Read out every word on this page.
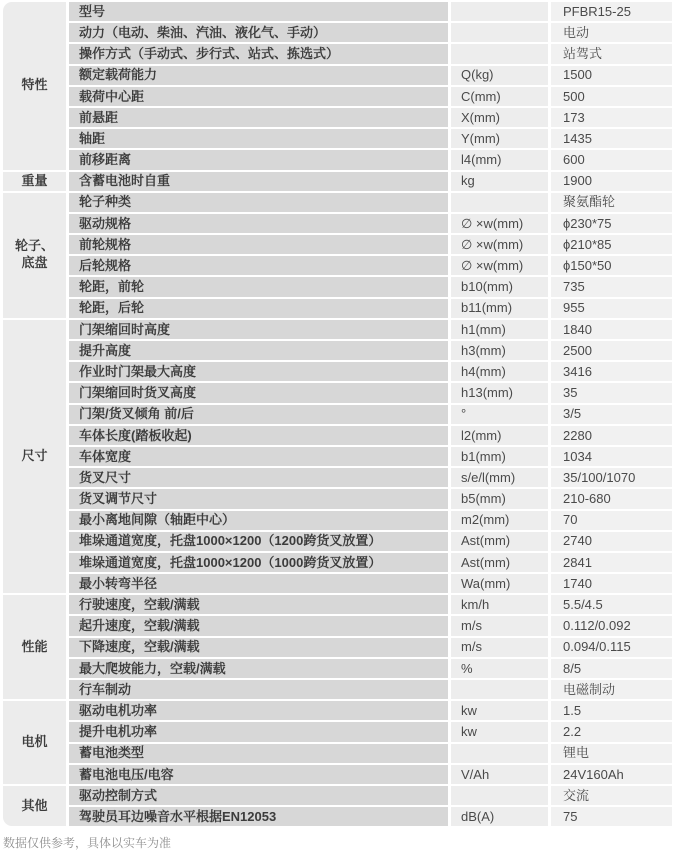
特性	型号		PFBR15-25
	动力（电动、柴油、汽油、液化气、手动）		电动
	操作方式（手动式、步行式、站式、拣选式）		站驾式
	额定载荷能力	Q(kg)	1500
	载荷中心距	C(mm)	500
	前悬距	X(mm)	173
	轴距	Y(mm)	1435
	前移距离	l4(mm)	600
重量	含蓄电池时自重	kg	1900
轮子、底盘	轮子种类		聚氨酯轮
	驱动规格	∅ ×w(mm)	ϕ230*75
	前轮规格	∅ ×w(mm)	ϕ210*85
	后轮规格	∅ ×w(mm)	ϕ150*50
	轮距，前轮	b10(mm)	735
	轮距，后轮	b11(mm)	955
尺寸	门架缩回时高度	h1(mm)	1840
	提升高度	h3(mm)	2500
	作业时门架最大高度	h4(mm)	3416
	门架缩回时货叉高度	h13(mm)	35
	门架/货叉倾角 前/后	°	3/5
	车体长度(踏板收起)	l2(mm)	2280
	车体宽度	b1(mm)	1034
	货叉尺寸	s/e/l(mm)	35/100/1070
	货叉调节尺寸	b5(mm)	210-680
	最小离地间隙（轴距中心）	m2(mm)	70
	堆垛通道宽度，托盘1000×1200（1200跨货叉放置）	Ast(mm)	2740
	堆垛通道宽度，托盘1000×1200（1000跨货叉放置）	Ast(mm)	2841
	最小转弯半径	Wa(mm)	1740
性能	行驶速度，空载/满载	km/h	5.5/4.5
	起升速度，空载/满载	m/s	0.112/0.092
	下降速度，空载/满载	m/s	0.094/0.115
	最大爬坡能力，空载/满载	%	8/5
	行车制动		电磁制动
电机	驱动电机功率	kw	1.5
	提升电机功率	kw	2.2
	蓄电池类型		锂电
	蓄电池电压/电容	V/Ah	24V160Ah
其他	驱动控制方式		交流
	驾驶员耳边噪音水平根据EN12053	dB(A)	75
数据仅供参考，具体以实车为准
